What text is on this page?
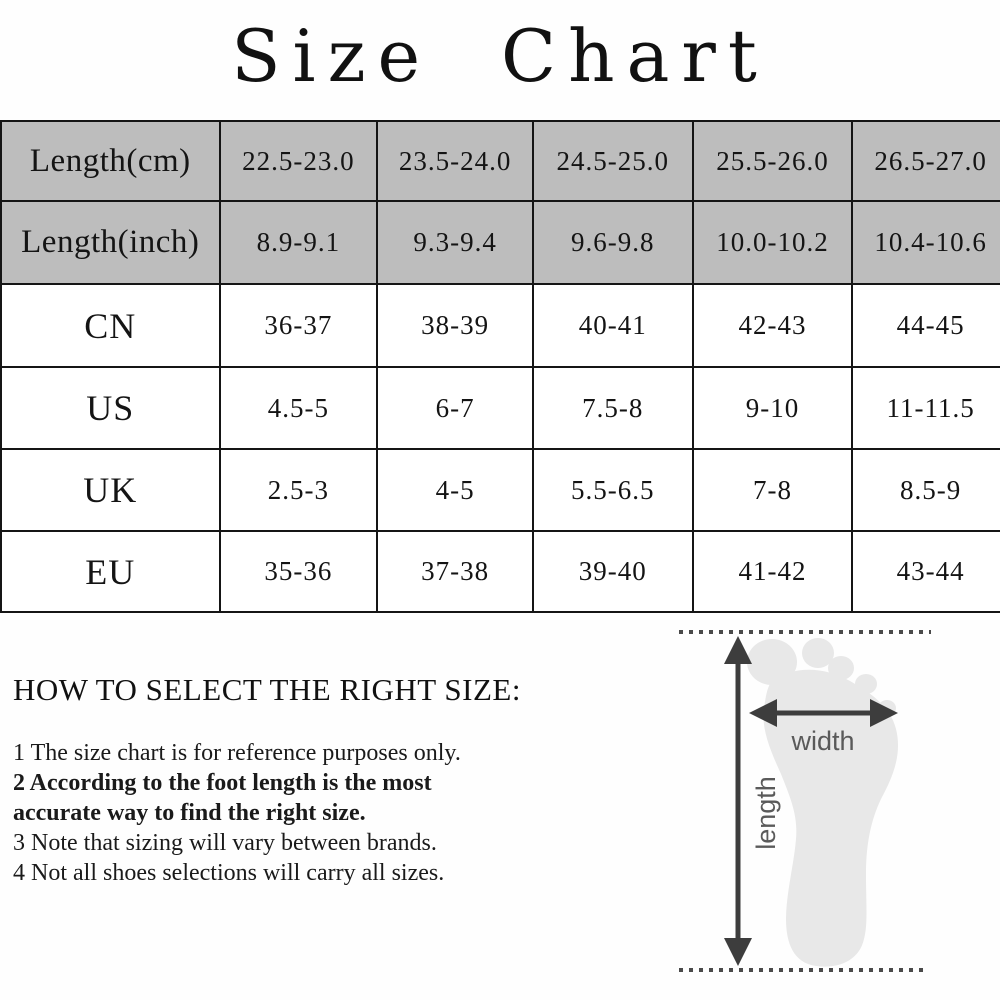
Size Chart
Length(cm)	22.5-23.0	23.5-24.0	24.5-25.0	25.5-26.0	26.5-27.0
Length(inch)	8.9-9.1	9.3-9.4	9.6-9.8	10.0-10.2	10.4-10.6
CN	36-37	38-39	40-41	42-43	44-45
US	4.5-5	6-7	7.5-8	9-10	11-11.5
UK	2.5-3	4-5	5.5-6.5	7-8	8.5-9
EU	35-36	37-38	39-40	41-42	43-44
HOW TO SELECT THE RIGHT SIZE:
1 The size chart is for reference purposes only.
2 According to the foot length is the most
accurate way to find the right size.
3 Note that sizing will vary between brands.
4 Not all shoes selections will carry all sizes.
width
length
